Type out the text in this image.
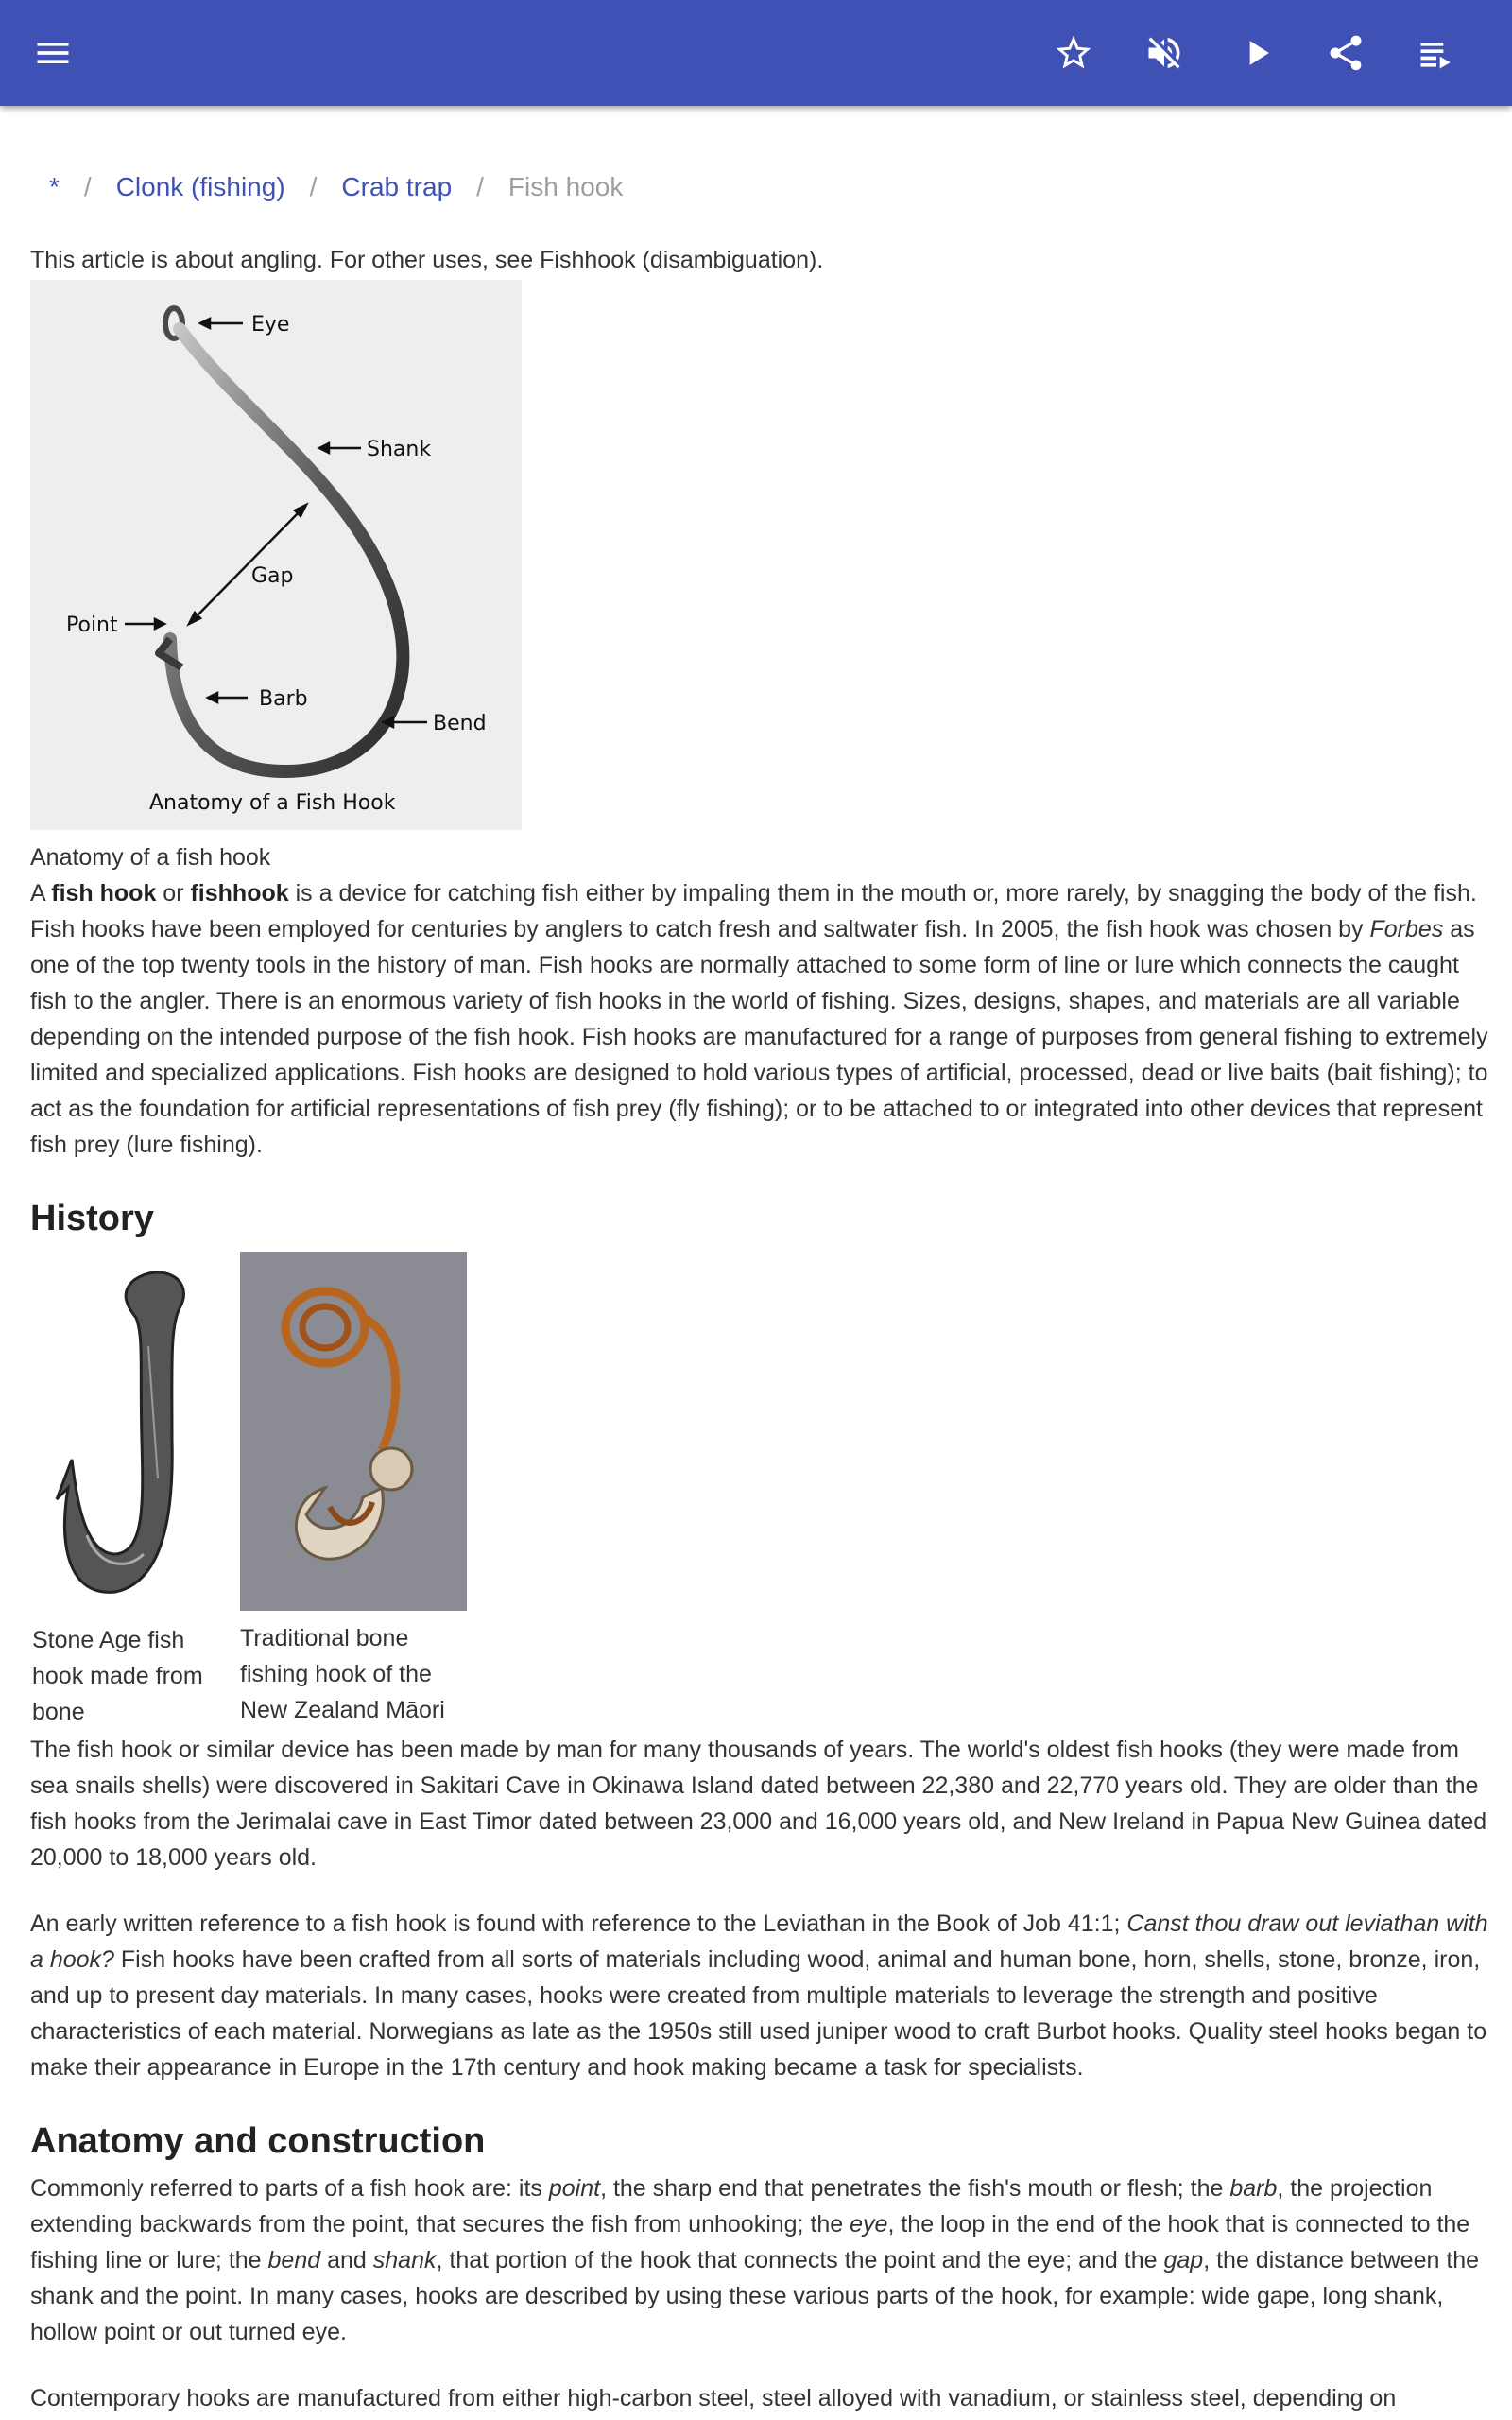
* / Clonk (fishing) / Crab trap / Fish hook
This article is about angling. For other uses, see Fishhook (disambiguation).
Eye
Shank
Gap
Point
Barb
Bend
Anatomy of a Fish Hook
Anatomy of a fish hook

A fish hook or fishhook is a device for catching fish either by impaling them in the mouth or, more rarely, by snagging the body of the fish. Fish hooks have been employed for centuries by anglers to catch fresh and saltwater fish. In 2005, the fish hook was chosen by Forbes as one of the top twenty tools in the history of man. Fish hooks are normally attached to some form of line or lure which connects the caught fish to the angler. There is an enormous variety of fish hooks in the world of fishing. Sizes, designs, shapes, and materials are all variable depending on the intended purpose of the fish hook. Fish hooks are manufactured for a range of purposes from general fishing to extremely limited and specialized applications. Fish hooks are designed to hold various types of artificial, processed, dead or live baits (bait fishing); to act as the foundation for artificial representations of fish prey (fly fishing); or to be attached to or integrated into other devices that represent fish prey (lure fishing).

History
Stone Age fish hook made from bone
Traditional bone fishing hook of the New Zealand Māori

The fish hook or similar device has been made by man for many thousands of years. The world's oldest fish hooks (they were made from sea snails shells) were discovered in Sakitari Cave in Okinawa Island dated between 22,380 and 22,770 years old. They are older than the fish hooks from the Jerimalai cave in East Timor dated between 23,000 and 16,000 years old, and New Ireland in Papua New Guinea dated 20,000 to 18,000 years old.

An early written reference to a fish hook is found with reference to the Leviathan in the Book of Job 41:1; Canst thou draw out leviathan with a hook? Fish hooks have been crafted from all sorts of materials including wood, animal and human bone, horn, shells, stone, bronze, iron, and up to present day materials. In many cases, hooks were created from multiple materials to leverage the strength and positive characteristics of each material. Norwegians as late as the 1950s still used juniper wood to craft Burbot hooks. Quality steel hooks began to make their appearance in Europe in the 17th century and hook making became a task for specialists.

Anatomy and construction

Commonly referred to parts of a fish hook are: its point, the sharp end that penetrates the fish's mouth or flesh; the barb, the projection extending backwards from the point, that secures the fish from unhooking; the eye, the loop in the end of the hook that is connected to the fishing line or lure; the bend and shank, that portion of the hook that connects the point and the eye; and the gap, the distance between the shank and the point. In many cases, hooks are described by using these various parts of the hook, for example: wide gape, long shank, hollow point or out turned eye.

Contemporary hooks are manufactured from either high-carbon steel, steel alloyed with vanadium, or stainless steel, depending on
